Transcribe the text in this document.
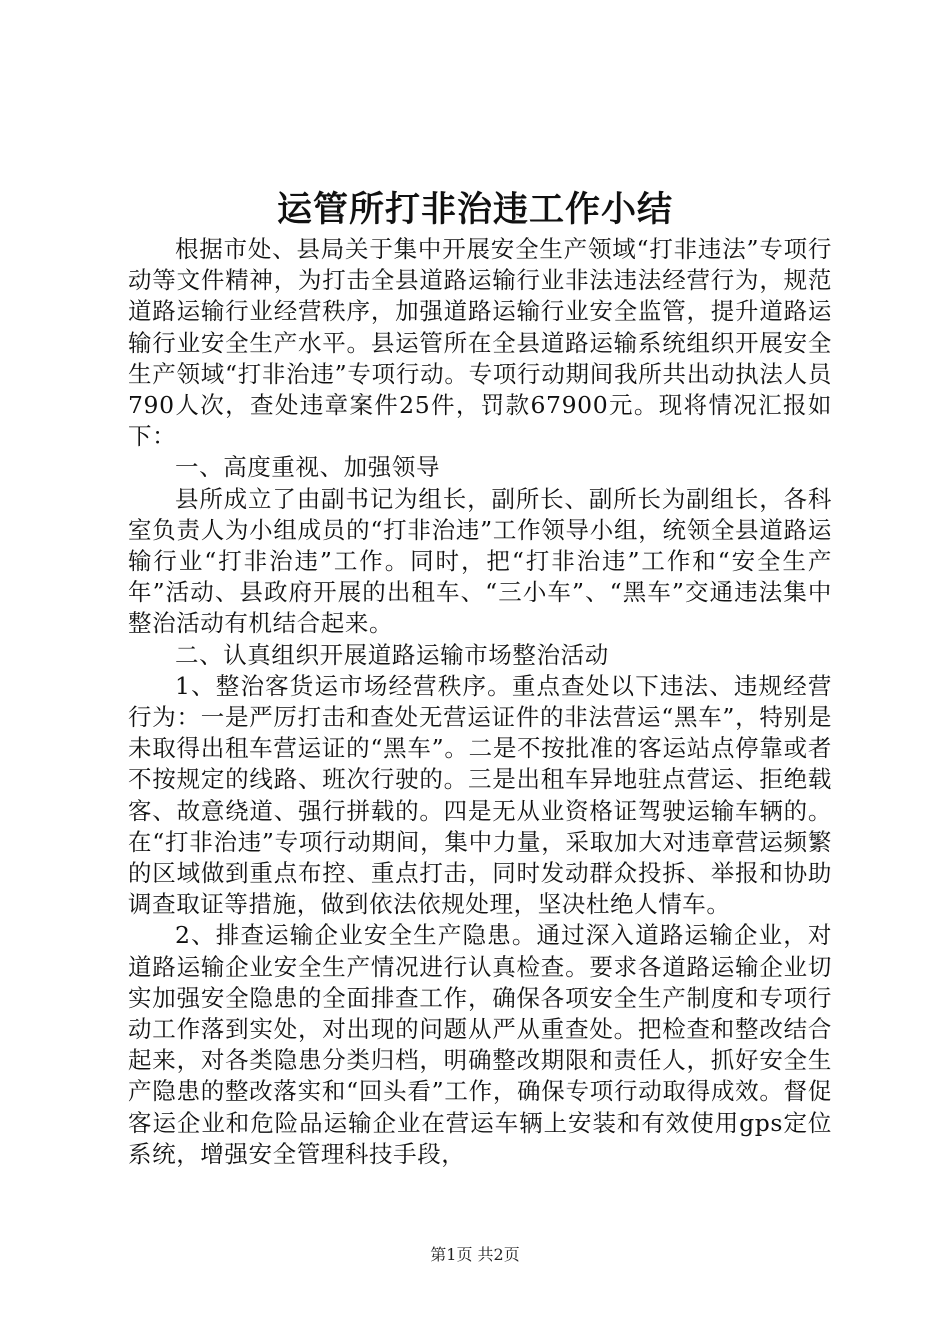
运管所打非治违工作小结

根据市处、县局关于集中开展安全生产领域“打非违法”专项行动等文件精神，为打击全县道路运输行业非法违法经营行为，规范道路运输行业经营秩序，加强道路运输行业安全监管，提升道路运输行业安全生产水平。县运管所在全县道路运输系统组织开展安全生产领域“打非治违”专项行动。专项行动期间我所共出动执法人员790人次，查处违章案件25件，罚款67900元。现将情况汇报如下：

一、高度重视、加强领导

县所成立了由副书记为组长，副所长、副所长为副组长，各科室负责人为小组成员的“打非治违”工作领导小组，统领全县道路运输行业“打非治违”工作。同时，把“打非治违”工作和“安全生产年”活动、县政府开展的出租车、“三小车”、“黑车”交通违法集中整治活动有机结合起来。

二、认真组织开展道路运输市场整治活动

1、整治客货运市场经营秩序。重点查处以下违法、违规经营行为：一是严厉打击和查处无营运证件的非法营运“黑车”，特别是未取得出租车营运证的“黑车”。二是不按批准的客运站点停靠或者不按规定的线路、班次行驶的。三是出租车异地驻点营运、拒绝载客、故意绕道、强行拼载的。四是无从业资格证驾驶运输车辆的。在“打非治违”专项行动期间，集中力量，采取加大对违章营运频繁的区域做到重点布控、重点打击，同时发动群众投拆、举报和协助调查取证等措施，做到依法依规处理，坚决杜绝人情车。

2、排查运输企业安全生产隐患。通过深入道路运输企业，对道路运输企业安全生产情况进行认真检查。要求各道路运输企业切实加强安全隐患的全面排查工作，确保各项安全生产制度和专项行动工作落到实处，对出现的问题从严从重查处。把检查和整改结合起来，对各类隐患分类归档，明确整改期限和责任人，抓好安全生产隐患的整改落实和“回头看”工作，确保专项行动取得成效。督促客运企业和危险品运输企业在营运车辆上安装和有效使用gps定位系统，增强安全管理科技手段，

第1页 共2页
